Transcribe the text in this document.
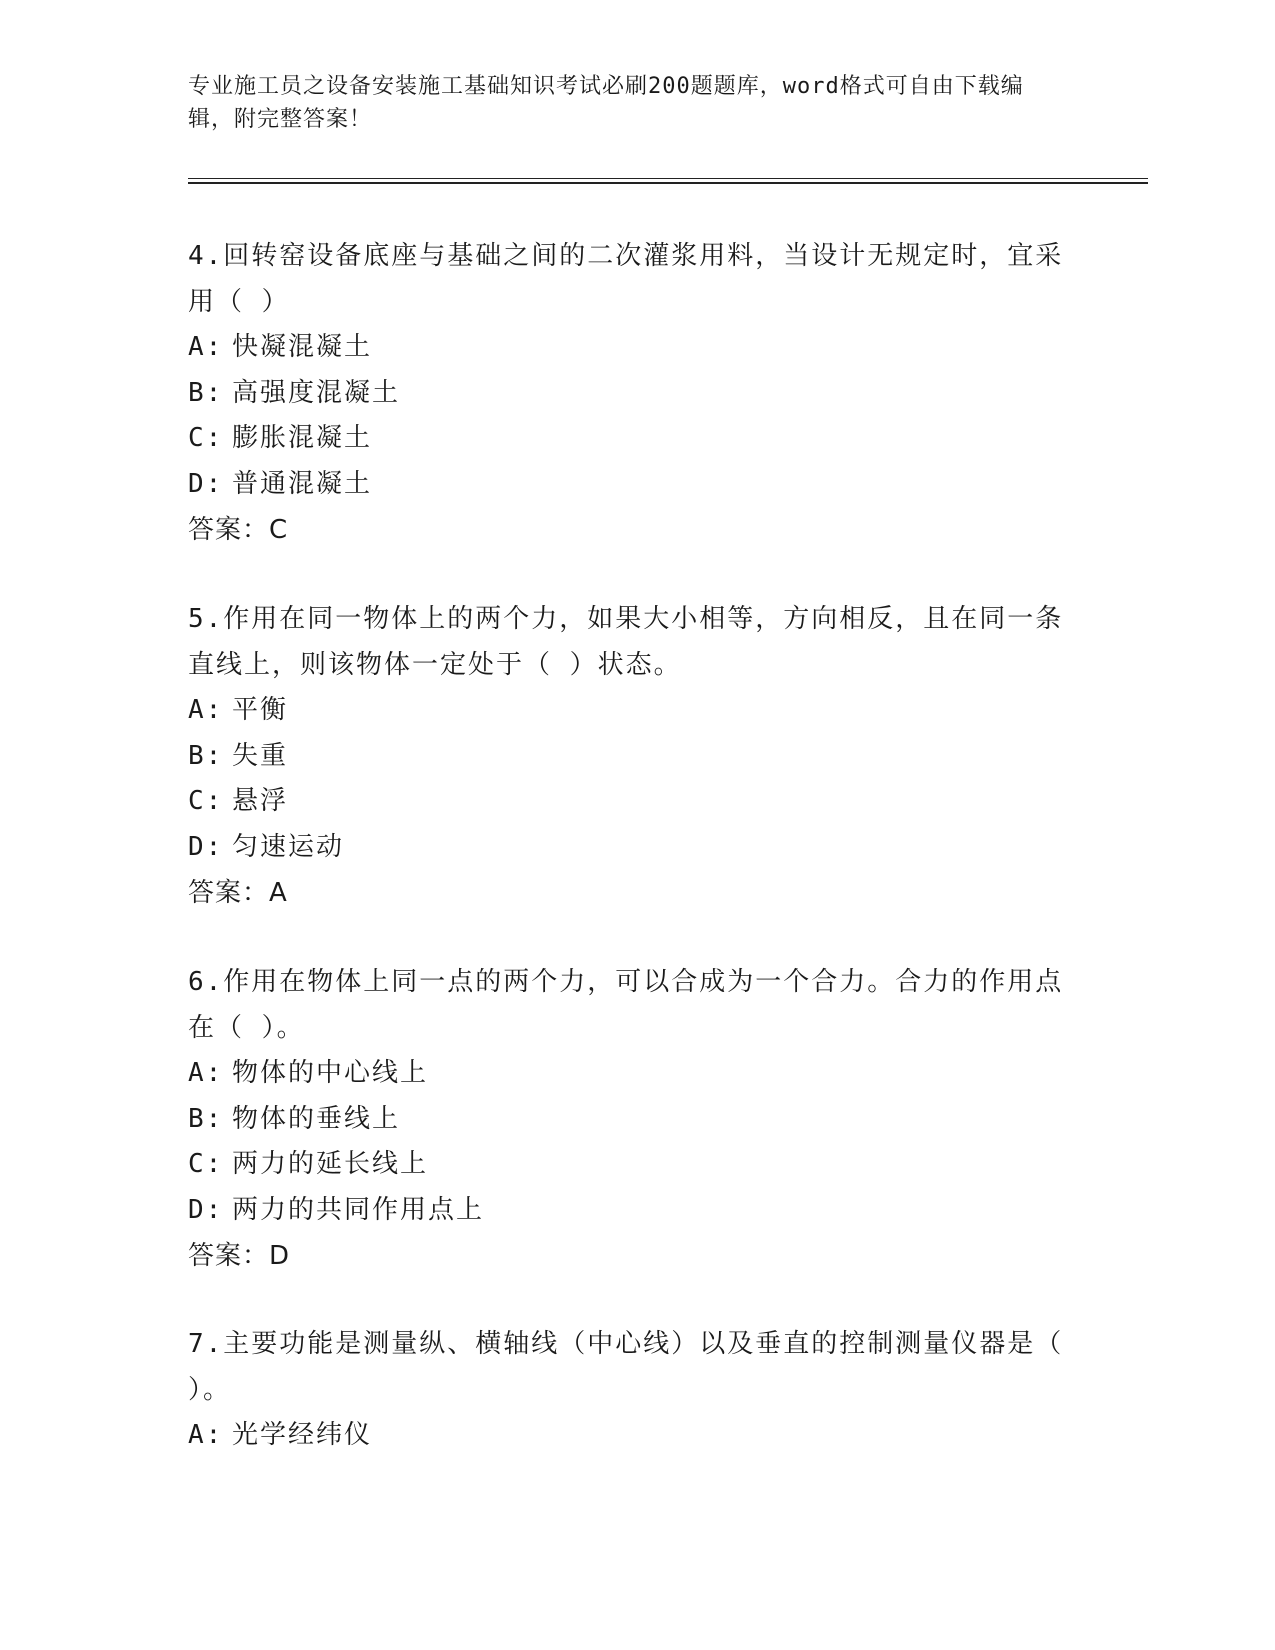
专业施工员之设备安装施工基础知识考试必刷200题题库，word格式可自由下载编辑，附完整答案！

4.回转窑设备底座与基础之间的二次灌浆用料，当设计无规定时，宜采用（ ）

A: 快凝混凝土
B: 高强度混凝土
C: 膨胀混凝土
D: 普通混凝土
答案：C

5.作用在同一物体上的两个力，如果大小相等，方向相反，且在同一条直线上，则该物体一定处于（ ）状态。

A: 平衡
B: 失重
C: 悬浮
D: 匀速运动
答案：A

6.作用在物体上同一点的两个力，可以合成为一个合力。合力的作用点在（ ）。

A: 物体的中心线上
B: 物体的垂线上
C: 两力的延长线上
D: 两力的共同作用点上
答案：D

7.主要功能是测量纵、横轴线（中心线）以及垂直的控制测量仪器是（ ）。

A: 光学经纬仪
